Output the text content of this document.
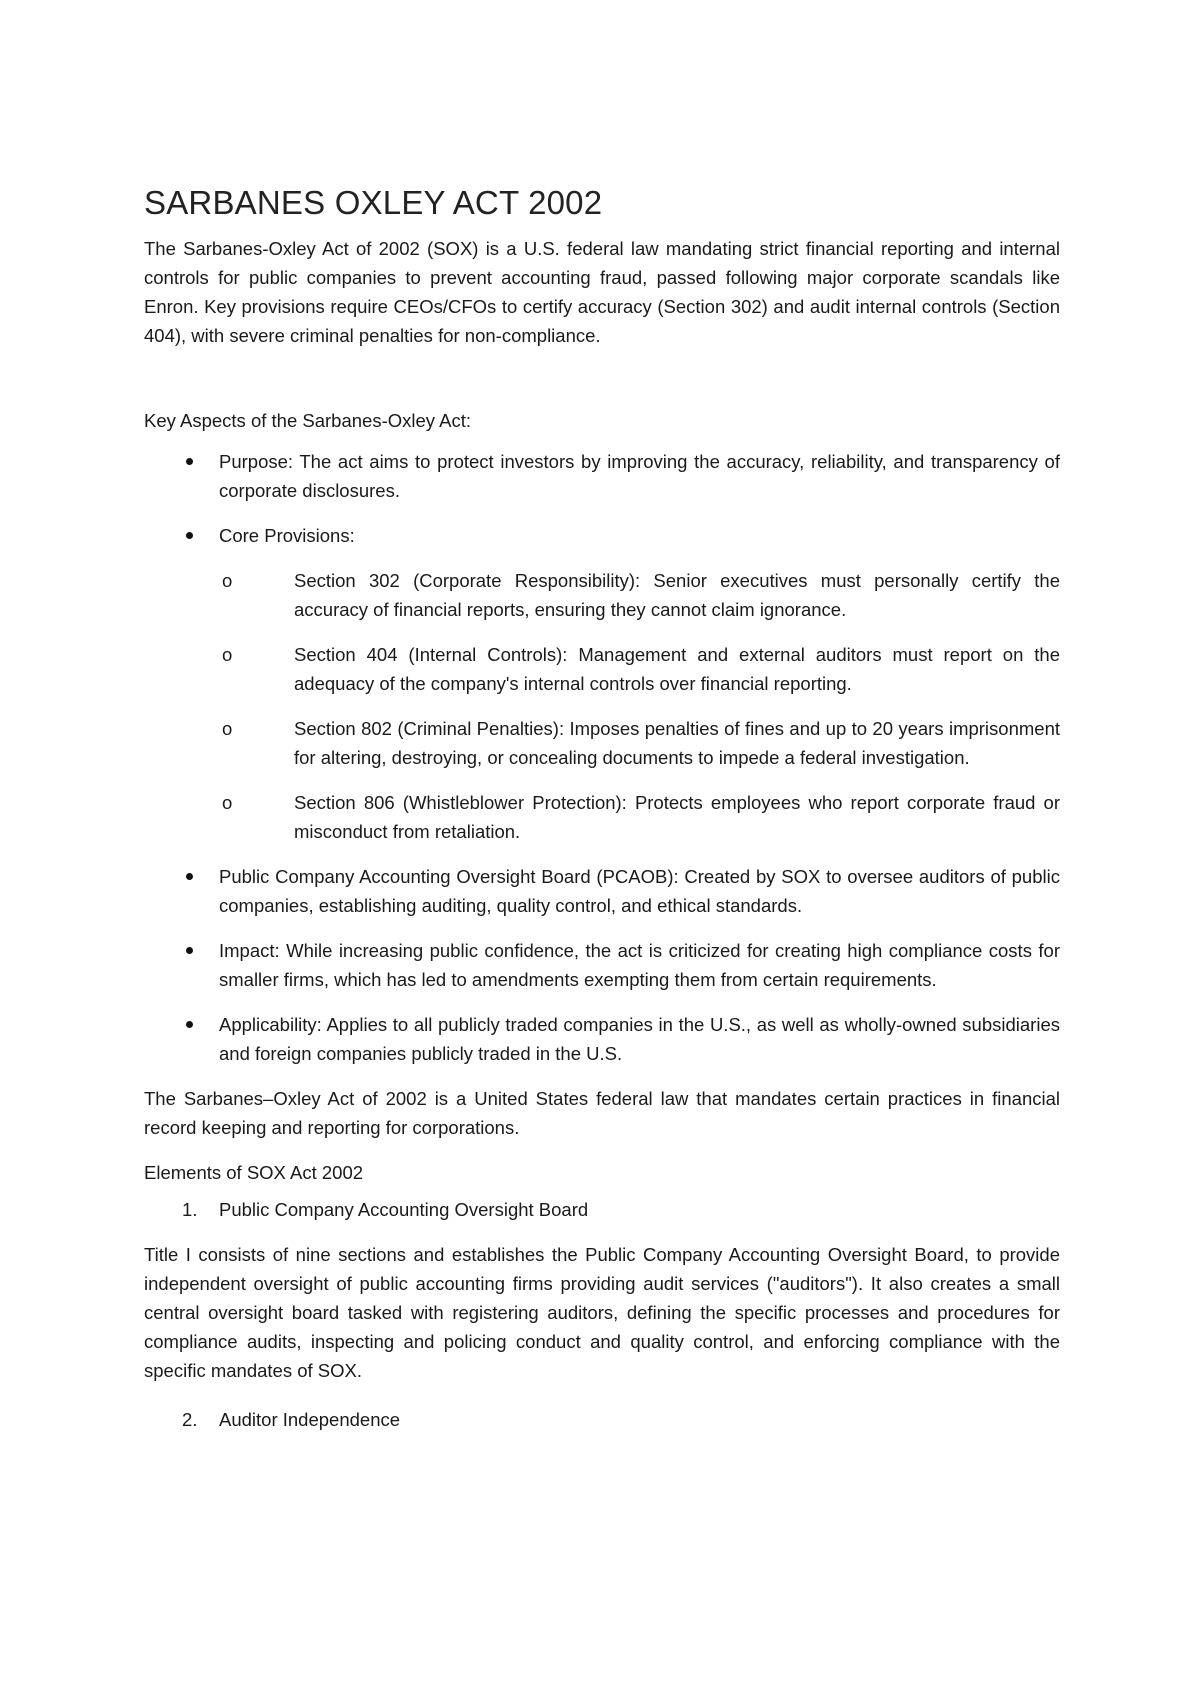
SARBANES OXLEY ACT 2002

The Sarbanes-Oxley Act of 2002 (SOX) is a U.S. federal law mandating strict financial reporting and internal controls for public companies to prevent accounting fraud, passed following major corporate scandals like Enron. Key provisions require CEOs/CFOs to certify accuracy (Section 302) and audit internal controls (Section 404), with severe criminal penalties for non-compliance.

Key Aspects of the Sarbanes-Oxley Act:

Purpose: The act aims to protect investors by improving the accuracy, reliability, and transparency of corporate disclosures.

Core Provisions:

o	Section 302 (Corporate Responsibility): Senior executives must personally certify the accuracy of financial reports, ensuring they cannot claim ignorance.

o	Section 404 (Internal Controls): Management and external auditors must report on the adequacy of the company's internal controls over financial reporting.

o	Section 802 (Criminal Penalties): Imposes penalties of fines and up to 20 years imprisonment for altering, destroying, or concealing documents to impede a federal investigation.

o	Section 806 (Whistleblower Protection): Protects employees who report corporate fraud or misconduct from retaliation.

Public Company Accounting Oversight Board (PCAOB): Created by SOX to oversee auditors of public companies, establishing auditing, quality control, and ethical standards.

Impact: While increasing public confidence, the act is criticized for creating high compliance costs for smaller firms, which has led to amendments exempting them from certain requirements.

Applicability: Applies to all publicly traded companies in the U.S., as well as wholly-owned subsidiaries and foreign companies publicly traded in the U.S.

The Sarbanes–Oxley Act of 2002 is a United States federal law that mandates certain practices in financial record keeping and reporting for corporations.

Elements of SOX Act 2002

1. Public Company Accounting Oversight Board

Title I consists of nine sections and establishes the Public Company Accounting Oversight Board, to provide independent oversight of public accounting firms providing audit services ("auditors"). It also creates a small central oversight board tasked with registering auditors, defining the specific processes and procedures for compliance audits, inspecting and policing conduct and quality control, and enforcing compliance with the specific mandates of SOX.

2. Auditor Independence
